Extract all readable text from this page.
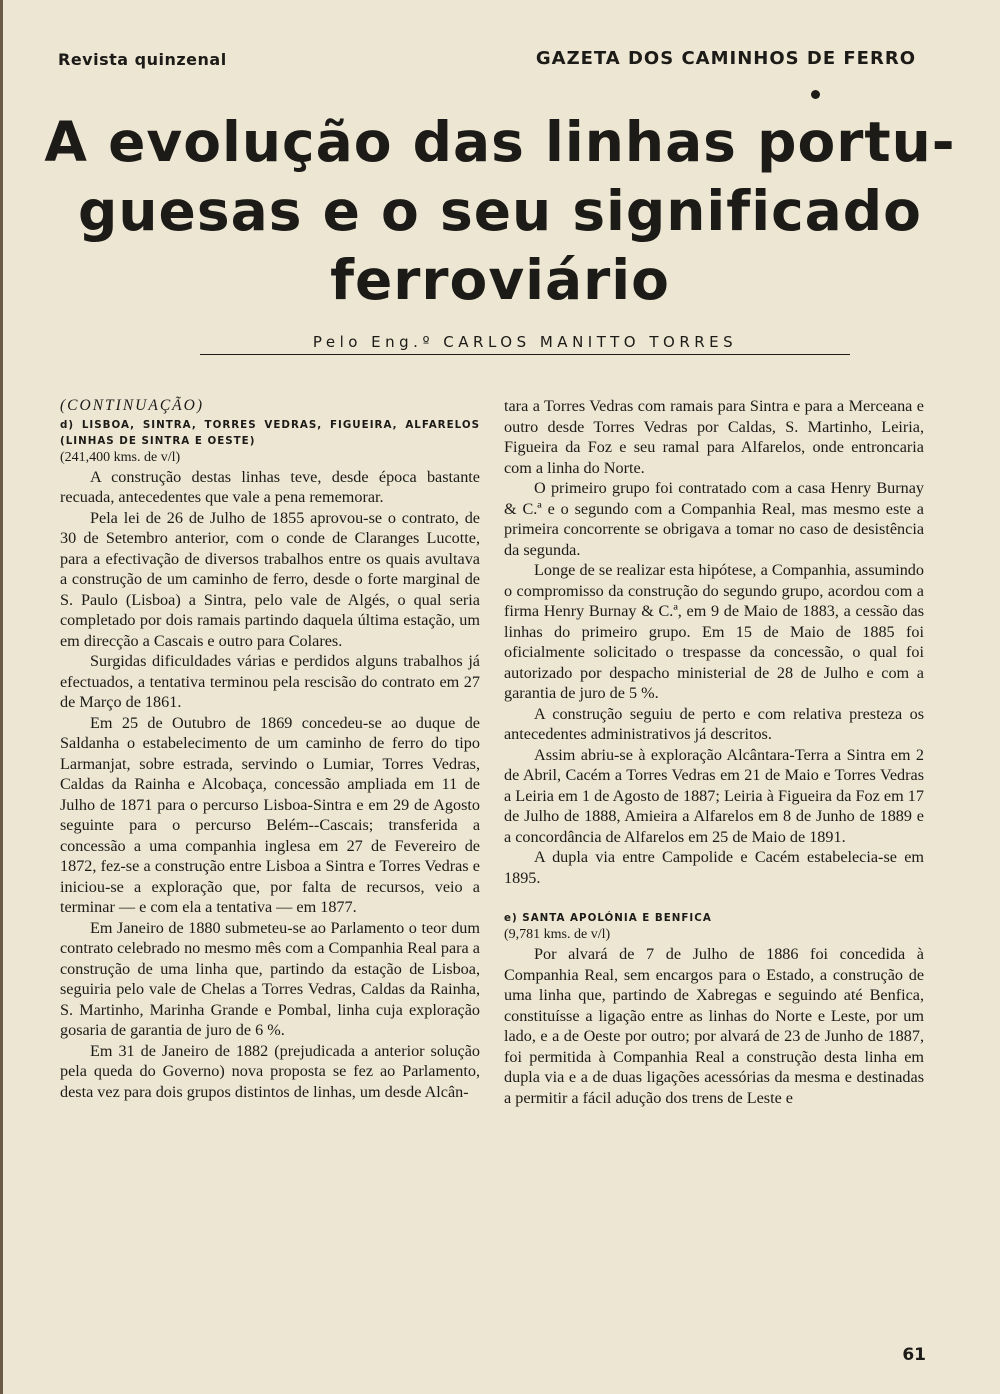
Revista quinzenal	GAZETA DOS CAMINHOS DE FERRO

A evolução das linhas portu-
guesas e o seu significado
ferroviário

Pelo Eng.º CARLOS MANITTO TORRES

(CONTINUAÇÃO)

d) LISBOA, SINTRA, TORRES VEDRAS, FIGUEIRA, ALFARELOS (LINHAS DE SINTRA E OESTE)

(241,400 kms. de v/l)

A construção destas linhas teve, desde época bastante recuada, antecedentes que vale a pena rememorar.

Pela lei de 26 de Julho de 1855 aprovou-se o contrato, de 30 de Setembro anterior, com o conde de Claranges Lucotte, para a efectivação de diversos trabalhos entre os quais avultava a construção de um caminho de ferro, desde o forte marginal de S. Paulo (Lisboa) a Sintra, pelo vale de Algés, o qual seria completado por dois ramais partindo daquela última estação, um em direcção a Cascais e outro para Colares.

Surgidas dificuldades várias e perdidos alguns trabalhos já efectuados, a tentativa terminou pela rescisão do contrato em 27 de Março de 1861.

Em 25 de Outubro de 1869 concedeu-se ao duque de Saldanha o estabelecimento de um caminho de ferro do tipo Larmanjat, sobre estrada, servindo o Lumiar, Torres Vedras, Caldas da Rainha e Alcobaça, concessão ampliada em 11 de Julho de 1871 para o percurso Lisboa-Sintra e em 29 de Agosto seguinte para o percurso Belém--Cascais; transferida a concessão a uma companhia inglesa em 27 de Fevereiro de 1872, fez-se a construção entre Lisboa a Sintra e Torres Vedras e iniciou-se a exploração que, por falta de recursos, veio a terminar — e com ela a tentativa — em 1877.

Em Janeiro de 1880 submeteu-se ao Parlamento o teor dum contrato celebrado no mesmo mês com a Companhia Real para a construção de uma linha que, partindo da estação de Lisboa, seguiria pelo vale de Chelas a Torres Vedras, Caldas da Rainha, S. Martinho, Marinha Grande e Pombal, linha cuja exploração gosaria de garantia de juro de 6 %.

Em 31 de Janeiro de 1882 (prejudicada a anterior solução pela queda do Governo) nova proposta se fez ao Parlamento, desta vez para dois grupos distintos de linhas, um desde Alcân-

tara a Torres Vedras com ramais para Sintra e para a Merceana e outro desde Torres Vedras por Caldas, S. Martinho, Leiria, Figueira da Foz e seu ramal para Alfarelos, onde entroncaria com a linha do Norte.

O primeiro grupo foi contratado com a casa Henry Burnay & C.ª e o segundo com a Companhia Real, mas mesmo este a primeira concorrente se obrigava a tomar no caso de desistência da segunda.

Longe de se realizar esta hipótese, a Companhia, assumindo o compromisso da construção do segundo grupo, acordou com a firma Henry Burnay & C.ª, em 9 de Maio de 1883, a cessão das linhas do primeiro grupo. Em 15 de Maio de 1885 foi oficialmente solicitado o trespasse da concessão, o qual foi autorizado por despacho ministerial de 28 de Julho e com a garantia de juro de 5 %.

A construção seguiu de perto e com relativa presteza os antecedentes administrativos já descritos.

Assim abriu-se à exploração Alcântara-Terra a Sintra em 2 de Abril, Cacém a Torres Vedras em 21 de Maio e Torres Vedras a Leiria em 1 de Agosto de 1887; Leiria à Figueira da Foz em 17 de Julho de 1888, Amieira a Alfarelos em 8 de Junho de 1889 e a concordância de Alfarelos em 25 de Maio de 1891.

A dupla via entre Campolide e Cacém estabelecia-se em 1895.

e) SANTA APOLÓNIA E BENFICA

(9,781 kms. de v/l)

Por alvará de 7 de Julho de 1886 foi concedida à Companhia Real, sem encargos para o Estado, a construção de uma linha que, partindo de Xabregas e seguindo até Benfica, constituísse a ligação entre as linhas do Norte e Leste, por um lado, e a de Oeste por outro; por alvará de 23 de Junho de 1887, foi permitida à Companhia Real a construção desta linha em dupla via e a de duas ligações acessórias da mesma e destinadas a permitir a fácil adução dos trens de Leste e

61
